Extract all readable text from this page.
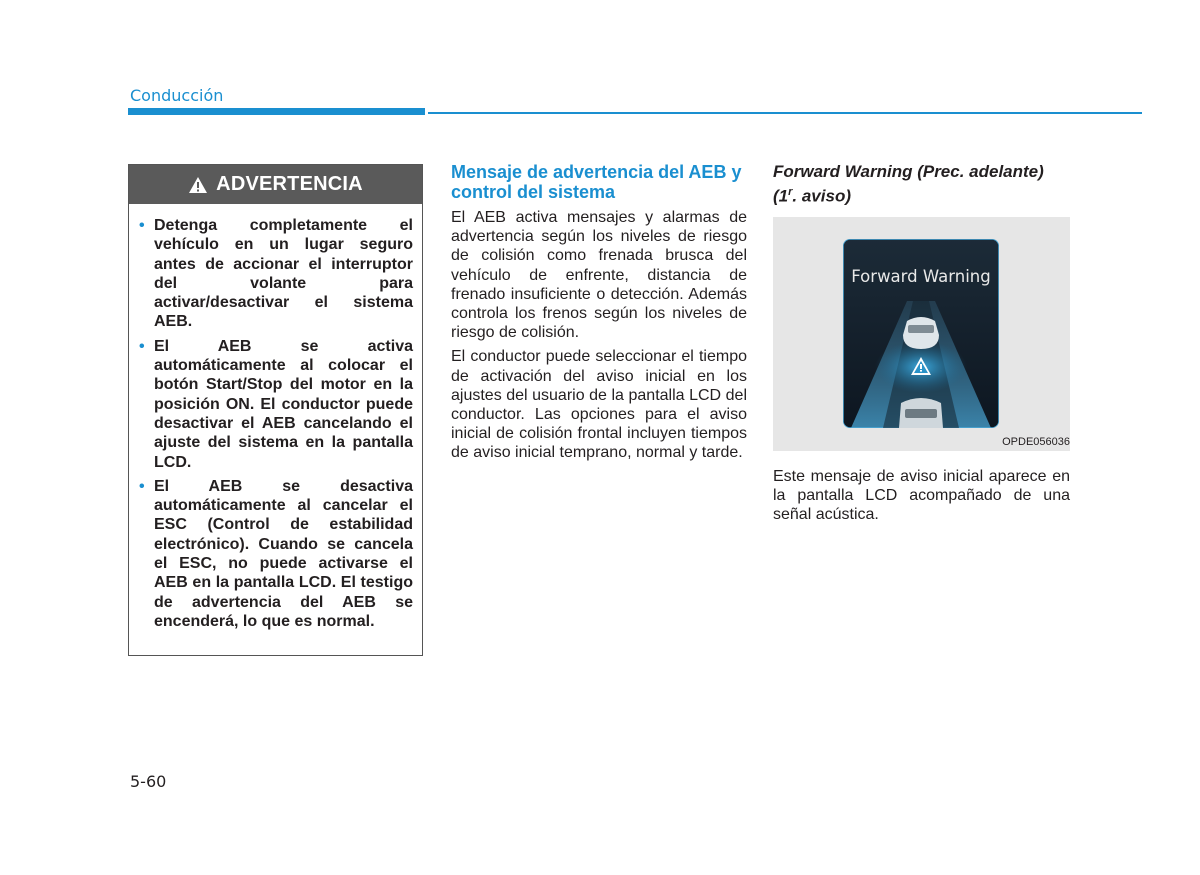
Conducción
ADVERTENCIA
• Detenga completamente el vehículo en un lugar seguro antes de accionar el interruptor del volante para activar/desactivar el sistema AEB.
• El AEB se activa automáticamente al colocar el botón Start/Stop del motor en la posición ON. El conductor puede desactivar el AEB cancelando el ajuste del sistema en la pantalla LCD.
• El AEB se desactiva automáticamente al cancelar el ESC (Control de estabilidad electrónico). Cuando se cancela el ESC, no puede activarse el AEB en la pantalla LCD. El testigo de advertencia del AEB se encenderá, lo que es normal.
Mensaje de advertencia del AEB y control del sistema

El AEB activa mensajes y alarmas de advertencia según los niveles de riesgo de colisión como frenada brusca del vehículo de enfrente, distancia de frenado insuficiente o detección. Además controla los frenos según los niveles de riesgo de colisión.

El conductor puede seleccionar el tiempo de activación del aviso inicial en los ajustes del usuario de la pantalla LCD del conductor. Las opciones para el aviso inicial de colisión frontal incluyen tiempos de aviso inicial temprano, normal y tarde.

Forward Warning (Prec. adelante)
(1$^r$. aviso)
Forward Warning
OPDE056036

Este mensaje de aviso inicial aparece en la pantalla LCD acompañado de una señal acústica.

5-60
